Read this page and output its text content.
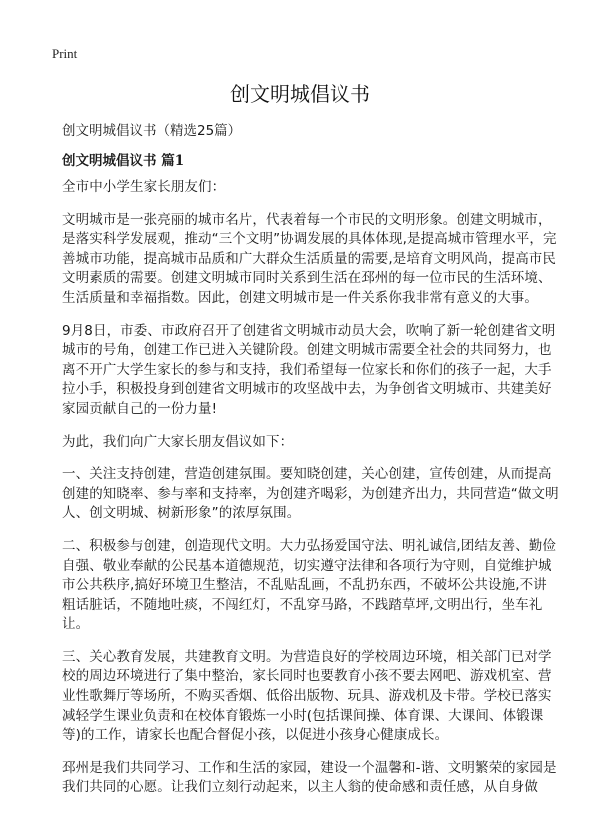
Print
创文明城倡议书

创文明城倡议书（精选25篇）

创文明城倡议书 篇1

全市中小学生家长朋友们：

文明城市是一张亮丽的城市名片，代表着每一个市民的文明形象。创建文明城市，是落实科学发展观，推动“三个文明”协调发展的具体体现,是提高城市管理水平，完善城市功能，提高城市品质和广大群众生活质量的需要,是培育文明风尚，提高市民文明素质的需要。创建文明城市同时关系到生活在邳州的每一位市民的生活环境、生活质量和幸福指数。因此，创建文明城市是一件关系你我非常有意义的大事。

9月8日，市委、市政府召开了创建省文明城市动员大会，吹响了新一轮创建省文明城市的号角，创建工作已进入关键阶段。创建文明城市需要全社会的共同努力，也离不开广大学生家长的参与和支持，我们希望每一位家长和你们的孩子一起，大手拉小手，积极投身到创建省文明城市的攻坚战中去，为争创省文明城市、共建美好家园贡献自己的一份力量!

为此，我们向广大家长朋友倡议如下：

一、关注支持创建，营造创建氛围。要知晓创建，关心创建，宣传创建，从而提高创建的知晓率、参与率和支持率，为创建齐喝彩，为创建齐出力，共同营造“做文明人、创文明城、树新形象”的浓厚氛围。

二、积极参与创建，创造现代文明。大力弘扬爱国守法、明礼诚信,团结友善、勤俭自强、敬业奉献的公民基本道德规范，切实遵守法律和各项行为守则，自觉维护城市公共秩序,搞好环境卫生整洁，不乱贴乱画，不乱扔东西，不破坏公共设施,不讲粗话脏话，不随地吐痰，不闯红灯，不乱穿马路，不践踏草坪,文明出行，坐车礼让。

三、关心教育发展，共建教育文明。为营造良好的学校周边环境，相关部门已对学校的周边环境进行了集中整治，家长同时也要教育小孩不要去网吧、游戏机室、营业性歌舞厅等场所，不购买香烟、低俗出版物、玩具、游戏机及卡带。学校已落实减轻学生课业负责和在校体育锻炼一小时(包括课间操、体育课、大课间、体锻课等)的工作，请家长也配合督促小孩，以促进小孩身心健康成长。

邳州是我们共同学习、工作和生活的家园，建设一个温馨和-谐、文明繁荣的家园是我们共同的心愿。让我们立刻行动起来，以主人翁的使命感和责任感，从自身做
